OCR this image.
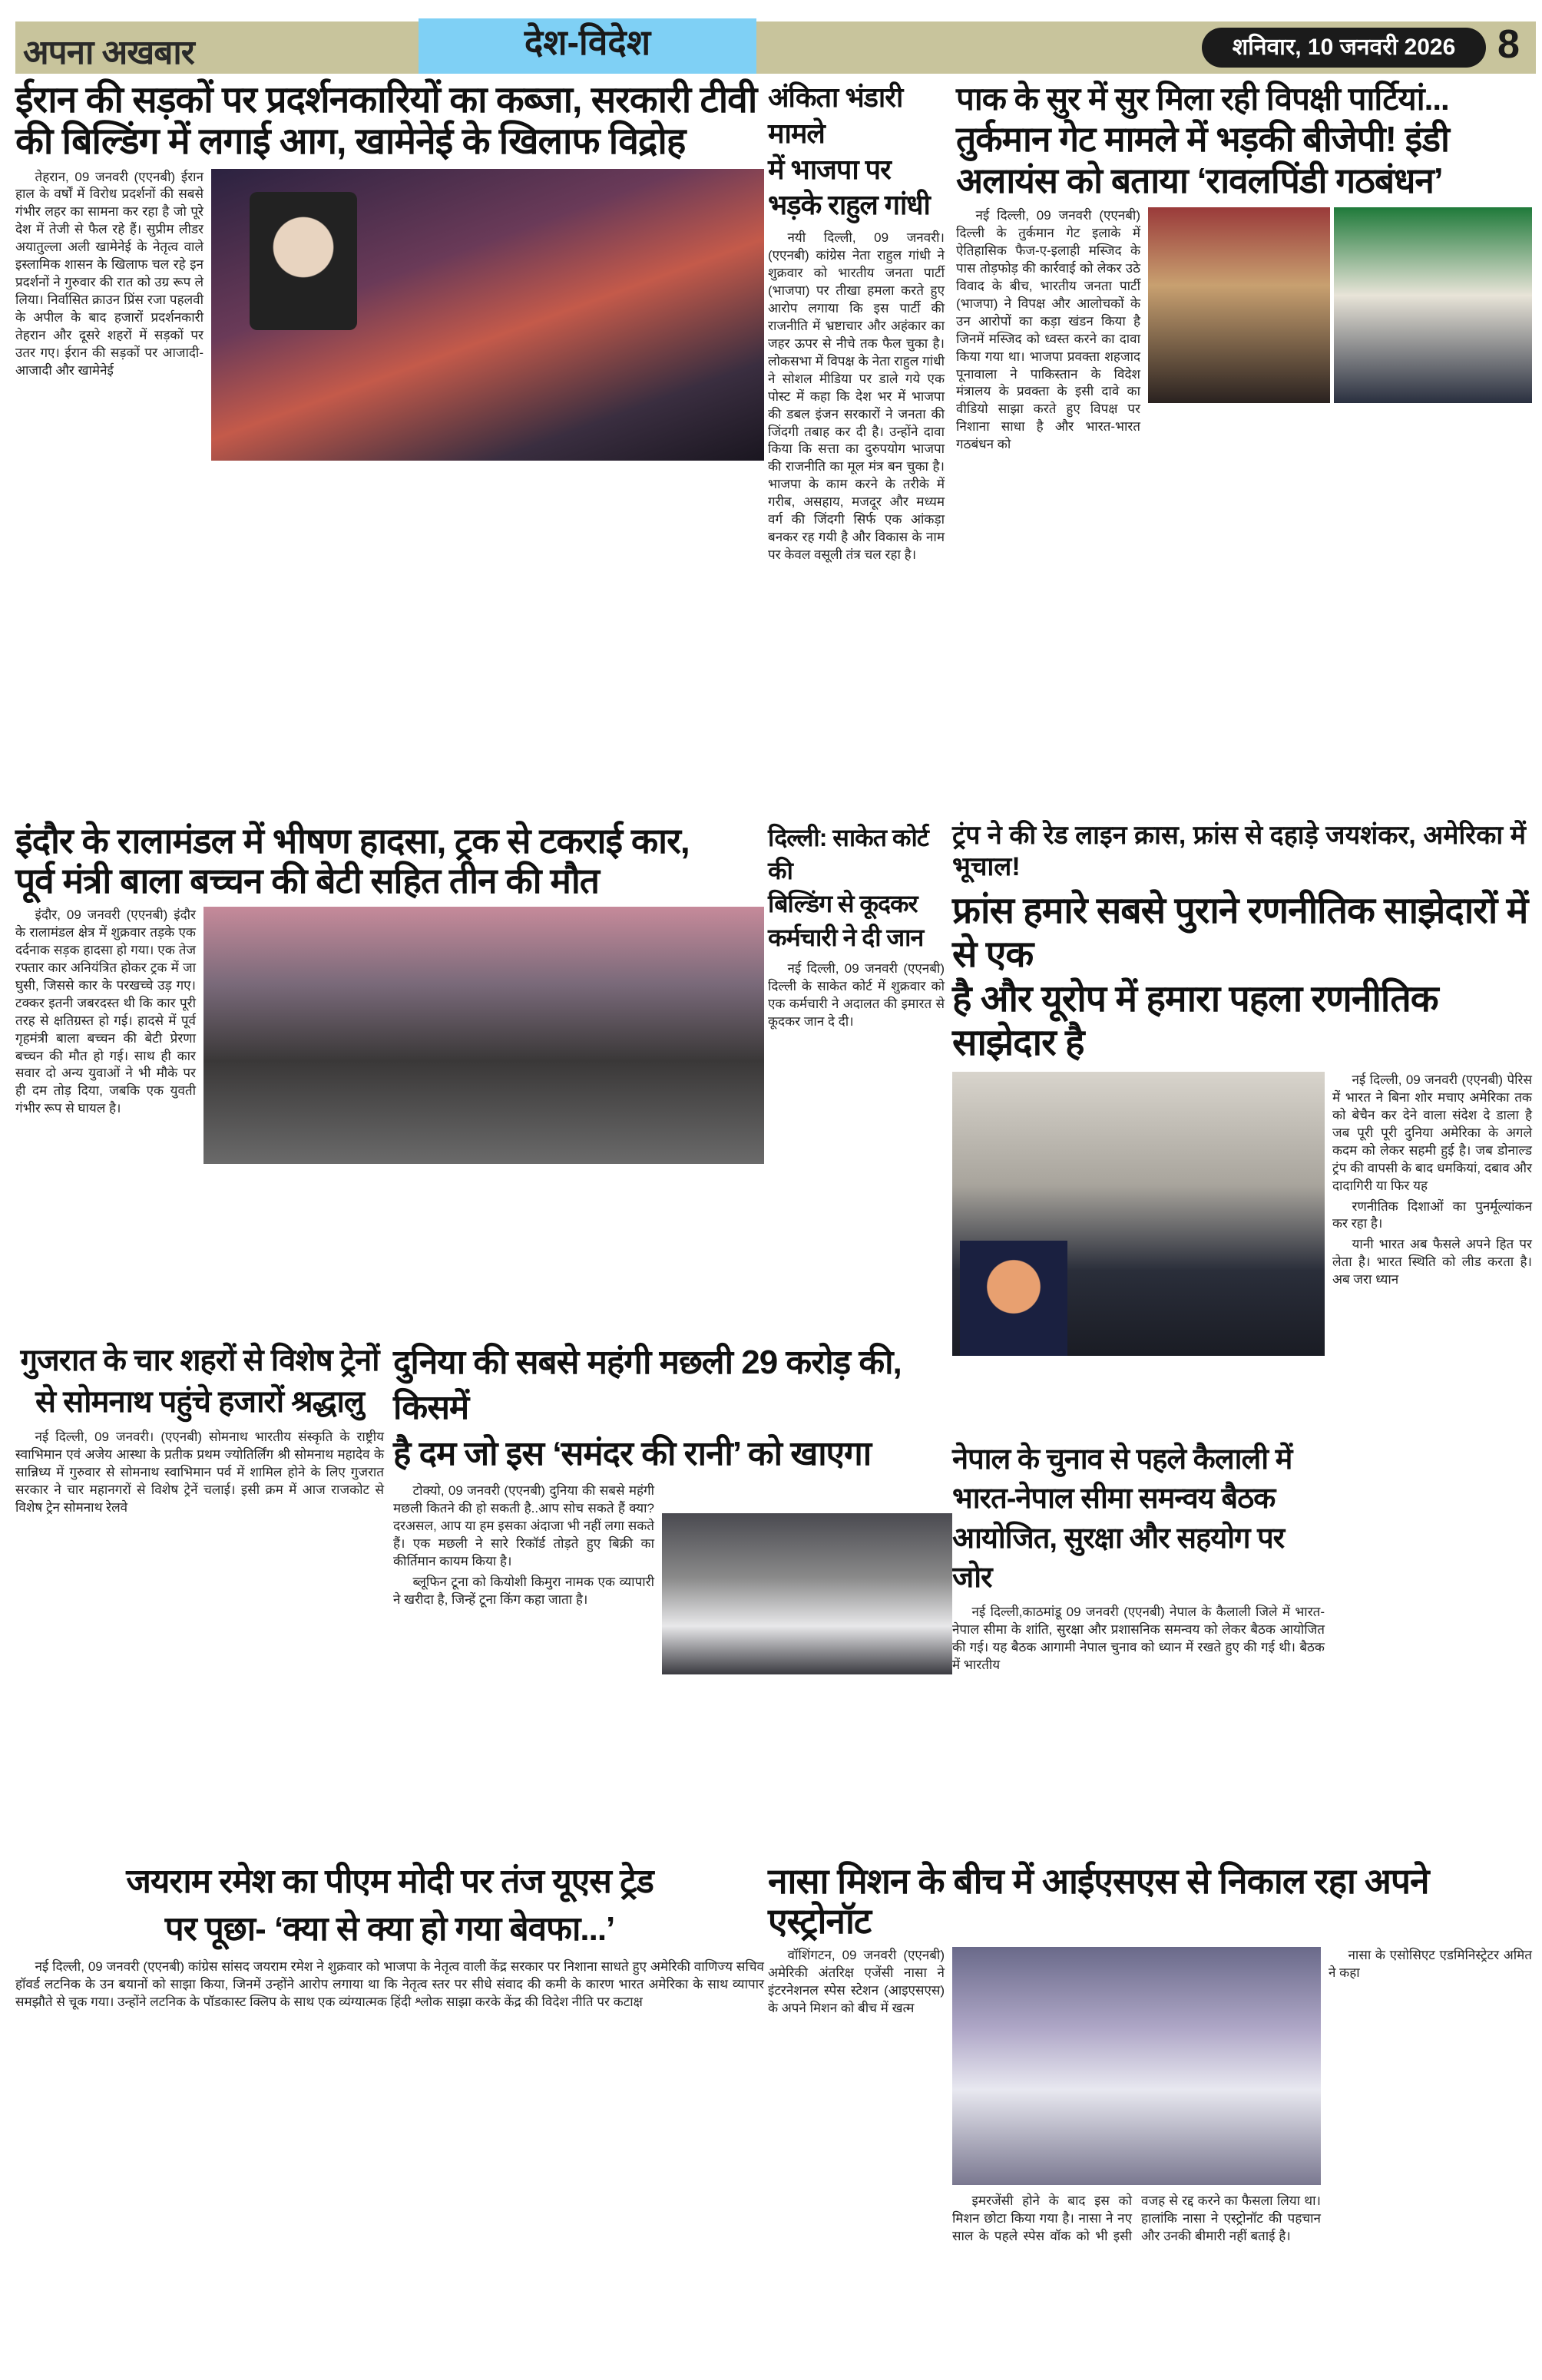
अपना अखबार	देश-विदेश	शनिवार, 10 जनवरी 2026	8
ईरान की सड़कों पर प्रदर्शनकारियों का कब्जा, सरकारी टीवी
की बिल्डिंग में लगाई आग, खामेनेई के खिलाफ विद्रोह

तेहरान, 09 जनवरी (एएनबी) ईरान हाल के वर्षों में विरोध प्रदर्शनों की सबसे गंभीर लहर का सामना कर रहा है जो पूरे देश में तेजी से फैल रहे हैं। सुप्रीम लीडर अयातुल्ला अली खामेनेई के नेतृत्व वाले इस्लामिक शासन के खिलाफ चल रहे इन प्रदर्शनों ने गुरुवार की रात को उग्र रूप ले लिया। निर्वासित क्राउन प्रिंस रजा पहलवी के अपील के बाद हजारों प्रदर्शनकारी तेहरान और दूसरे शहरों में सड़कों पर उतर गए। ईरान की सड़कों पर आजादी-आजादी और खामेनेई

अंकिता भंडारी मामले
में भाजपा पर
भड़के राहुल गांधी

नयी दिल्ली, 09 जनवरी। (एएनबी) कांग्रेस नेता राहुल गांधी ने शुक्रवार को भारतीय जनता पार्टी (भाजपा) पर तीखा हमला करते हुए आरोप लगाया कि इस पार्टी की राजनीति में भ्रष्टाचार और अहंकार का जहर ऊपर से नीचे तक फैल चुका है। लोकसभा में विपक्ष के नेता राहुल गांधी ने सोशल मीडिया पर डाले गये एक पोस्ट में कहा कि देश भर में भाजपा की डबल इंजन सरकारों ने जनता की जिंदगी तबाह कर दी है। उन्होंने दावा किया कि सत्ता का दुरुपयोग भाजपा की राजनीति का मूल मंत्र बन चुका है। भाजपा के काम करने के तरीके में गरीब, असहाय, मजदूर और मध्यम वर्ग की जिंदगी सिर्फ एक आंकड़ा बनकर रह गयी है और विकास के नाम पर केवल वसूली तंत्र चल रहा है।

पाक के सुर में सुर मिला रही विपक्षी पार्टियां...
तुर्कमान गेट मामले में भड़की बीजेपी! इंडी
अलायंस को बताया ‘रावलपिंडी गठबंधन’

नई दिल्ली, 09 जनवरी (एएनबी) दिल्ली के तुर्कमान गेट इलाके में ऐतिहासिक फैज-ए-इलाही मस्जिद के पास तोड़फोड़ की कार्रवाई को लेकर उठे विवाद के बीच, भारतीय जनता पार्टी (भाजपा) ने विपक्ष और आलोचकों के उन आरोपों का कड़ा खंडन किया है जिनमें मस्जिद को ध्वस्त करने का दावा किया गया था। भाजपा प्रवक्ता शहजाद पूनावाला ने पाकिस्तान के विदेश मंत्रालय के प्रवक्ता के इसी दावे का वीडियो साझा करते हुए विपक्ष पर निशाना साधा है और भारत-भारत गठबंधन को

इंदौर के रालामंडल में भीषण हादसा, ट्रक से टकराई कार,
पूर्व मंत्री बाला बच्चन की बेटी सहित तीन की मौत

इंदौर, 09 जनवरी (एएनबी) इंदौर के रालामंडल क्षेत्र में शुक्रवार तड़के एक दर्दनाक सड़क हादसा हो गया। एक तेज रफ्तार कार अनियंत्रित होकर ट्रक में जा घुसी, जिससे कार के परखच्चे उड़ गए। टक्कर इतनी जबरदस्त थी कि कार पूरी तरह से क्षतिग्रस्त हो गई। हादसे में पूर्व गृहमंत्री बाला बच्चन की बेटी प्रेरणा बच्चन की मौत हो गई। साथ ही कार सवार दो अन्य युवाओं ने भी मौके पर ही दम तोड़ दिया, जबकि एक युवती गंभीर रूप से घायल है।

दिल्ली: साकेत कोर्ट की
बिल्डिंग से कूदकर
कर्मचारी ने दी जान

नई दिल्ली, 09 जनवरी (एएनबी) दिल्ली के साकेत कोर्ट में शुक्रवार को एक कर्मचारी ने अदालत की इमारत से कूदकर जान दे दी।

ट्रंप ने की रेड लाइन क्रास, फ्रांस से दहाड़े जयशंकर, अमेरिका में भूचाल!
फ्रांस हमारे सबसे पुराने रणनीतिक साझेदारों में से एक
है और यूरोप में हमारा पहला रणनीतिक साझेदार है
नेपाल के चुनाव से पहले कैलाली में
भारत-नेपाल सीमा समन्वय बैठक
आयोजित, सुरक्षा और सहयोग पर जोर

नई दिल्ली,काठमांडू 09 जनवरी (एएनबी) नेपाल के कैलाली जिले में भारत-नेपाल सीमा के शांति, सुरक्षा और प्रशासनिक समन्वय को लेकर बैठक आयोजित की गई। यह बैठक आगामी नेपाल चुनाव को ध्यान में रखते हुए की गई थी। बैठक में भारतीय

नई दिल्ली, 09 जनवरी (एएनबी) पेरिस में भारत ने बिना शोर मचाए अमेरिका तक को बेचैन कर देने वाला संदेश दे डाला है जब पूरी पूरी दुनिया अमेरिका के अगले कदम को लेकर सहमी हुई है। जब डोनाल्ड ट्रंप की वापसी के बाद धमकियां, दबाव और दादागिरी या फिर यह

रणनीतिक दिशाओं का पुनर्मूल्यांकन कर रहा है।

यानी भारत अब फैसले अपने हित पर लेता है। भारत स्थिति को लीड करता है। अब जरा ध्यान

गुजरात के चार शहरों से विशेष ट्रेनों
से सोमनाथ पहुंचे हजारों श्रद्धालु

नई दिल्ली, 09 जनवरी। (एएनबी) सोमनाथ भारतीय संस्कृति के राष्ट्रीय स्वाभिमान एवं अजेय आस्था के प्रतीक प्रथम ज्योतिर्लिंग श्री सोमनाथ महादेव के सान्निध्य में गुरुवार से सोमनाथ स्वाभिमान पर्व में शामिल होने के लिए गुजरात सरकार ने चार महानगरों से विशेष ट्रेनें चलाई। इसी क्रम में आज राजकोट से विशेष ट्रेन सोमनाथ रेलवे

दुनिया की सबसे महंगी मछली 29 करोड़ की, किसमें
है दम जो इस ‘समंदर की रानी’ को खाएगा

टोक्यो, 09 जनवरी (एएनबी) दुनिया की सबसे महंगी मछली कितने की हो सकती है..आप सोच सकते हैं क्या? दरअसल, आप या हम इसका अंदाजा भी नहीं लगा सकते हैं। एक मछली ने सारे रिकॉर्ड तोड़ते हुए बिक्री का कीर्तिमान कायम किया है।

ब्लूफिन टूना को कियोशी किमुरा नामक एक व्यापारी ने खरीदा है, जिन्हें टूना किंग कहा जाता है।

जयराम रमेश का पीएम मोदी पर तंज यूएस ट्रेड
पर पूछा- ‘क्या से क्या हो गया बेवफा...’

नई दिल्ली, 09 जनवरी (एएनबी) कांग्रेस सांसद जयराम रमेश ने शुक्रवार को भाजपा के नेतृत्व वाली केंद्र सरकार पर निशाना साधते हुए अमेरिकी वाणिज्य सचिव हॉवर्ड लटनिक के उन बयानों को साझा किया, जिनमें उन्होंने आरोप लगाया था कि नेतृत्व स्तर पर सीधे संवाद की कमी के कारण भारत अमेरिका के साथ व्यापार समझौते से चूक गया। उन्होंने लटनिक के पॉडकास्ट क्लिप के साथ एक व्यंग्यात्मक हिंदी श्लोक साझा करके केंद्र की विदेश नीति पर कटाक्ष

नासा मिशन के बीच में आईएसएस से निकाल रहा अपने एस्ट्रोनॉट

वॉशिंगटन, 09 जनवरी (एएनबी) अमेरिकी अंतरिक्ष एजेंसी नासा ने इंटरनेशनल स्पेस स्टेशन (आइएसएस) के अपने मिशन को बीच में खत्म

इमरजेंसी होने के बाद इस को मिशन छोटा किया गया है। नासा ने नए साल के पहले स्पेस वॉक को भी इसी वजह से रद्द करने का फैसला लिया था। हालांकि नासा ने एस्ट्रोनॉट की पहचान और उनकी बीमारी नहीं बताई है।

नासा के एसोसिएट एडमिनिस्ट्रेटर अमित ने कहा
